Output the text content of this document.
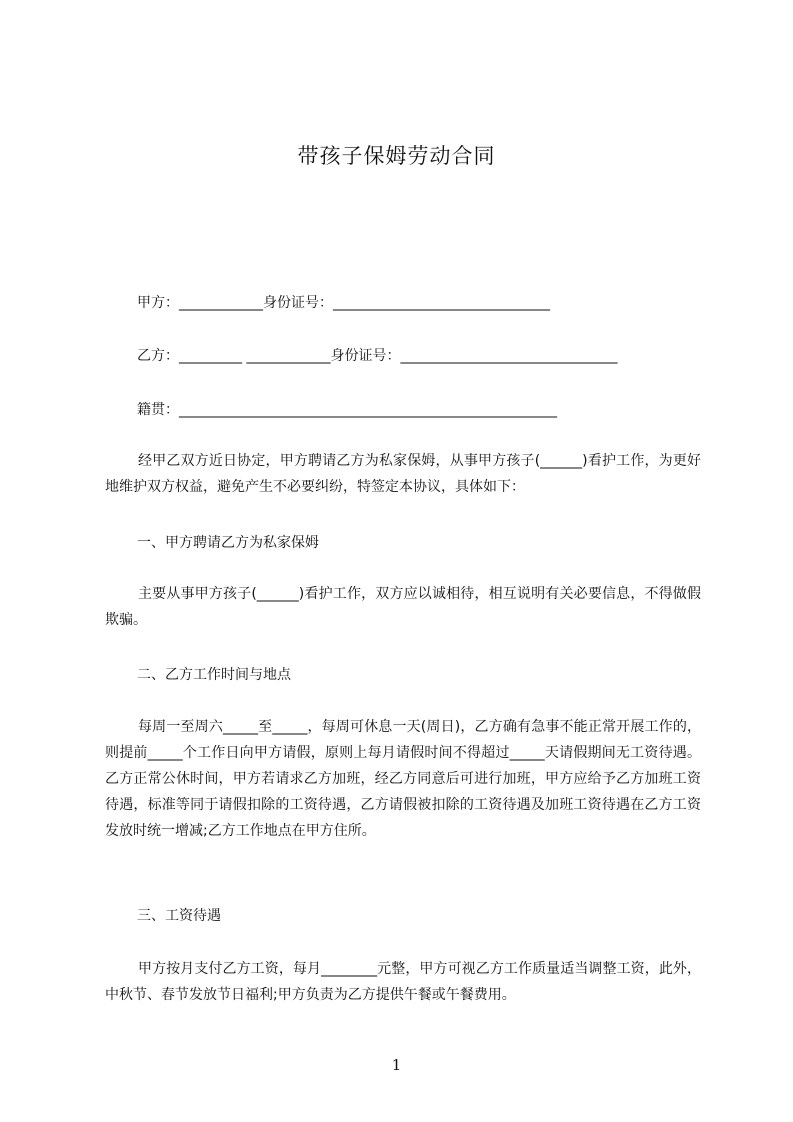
带孩子保姆劳动合同
甲方：____________身份证号：_______________________________
乙方：_________ ____________身份证号：_______________________________
籍贯：______________________________________________________
经甲乙双方近日协定，甲方聘请乙方为私家保姆，从事甲方孩子(______)看护工作，为更好地维护双方权益，避免产生不必要纠纷，特签定本协议，具体如下：
一、甲方聘请乙方为私家保姆
主要从事甲方孩子(______)看护工作，双方应以诚相待，相互说明有关必要信息，不得做假欺骗。
二、乙方工作时间与地点
每周一至周六_____至_____，每周可休息一天(周日)，乙方确有急事不能正常开展工作的，则提前_____个工作日向甲方请假，原则上每月请假时间不得超过_____天请假期间无工资待遇。乙方正常公休时间，甲方若请求乙方加班，经乙方同意后可进行加班，甲方应给予乙方加班工资待遇，标准等同于请假扣除的工资待遇，乙方请假被扣除的工资待遇及加班工资待遇在乙方工资发放时统一增减;乙方工作地点在甲方住所。
三、工资待遇
甲方按月支付乙方工资，每月________元整，甲方可视乙方工作质量适当调整工资，此外，中秋节、春节发放节日福利;甲方负责为乙方提供午餐或午餐费用。
1
